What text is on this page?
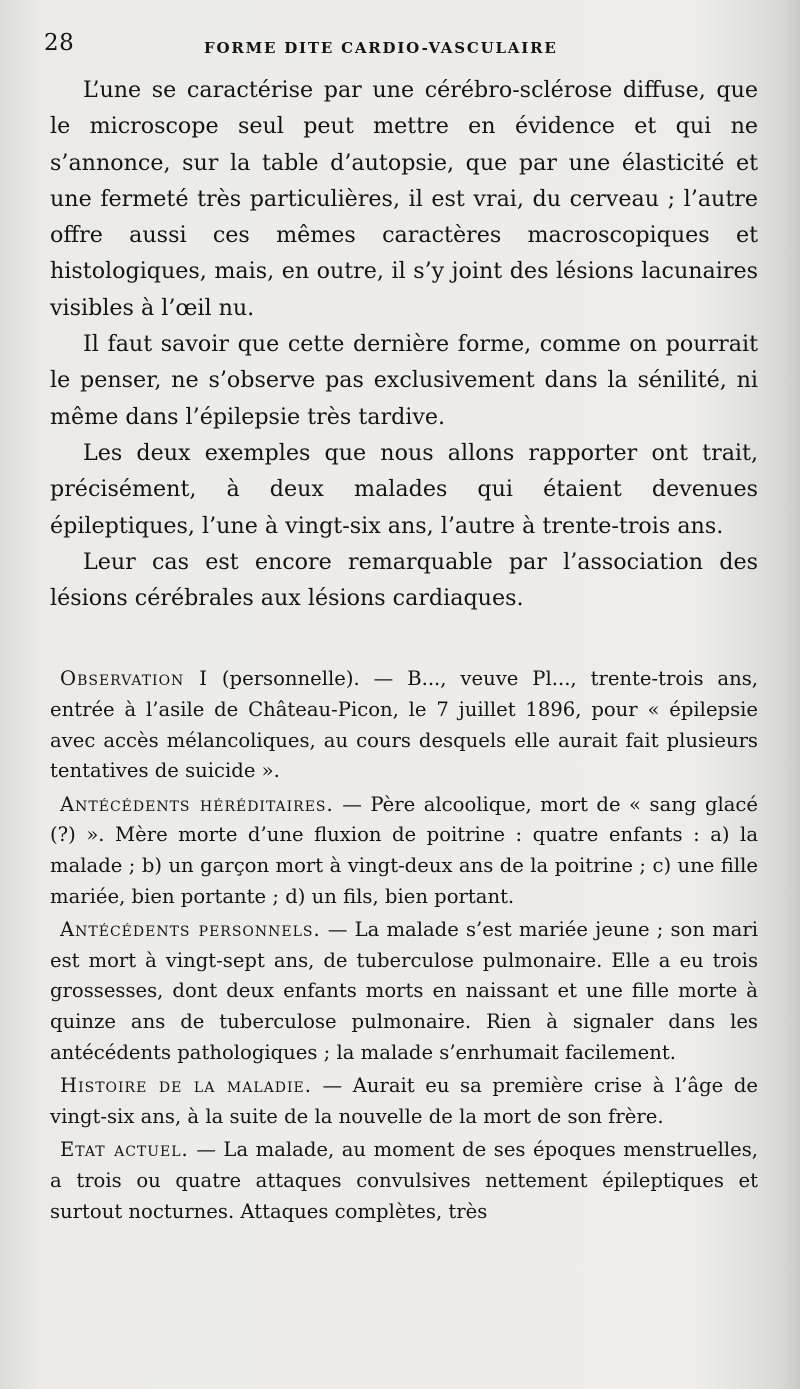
28	FORME DITE CARDIO-VASCULAIRE

L’une se caractérise par une cérébro-sclérose diffuse, que le microscope seul peut mettre en évidence et qui ne s’annonce, sur la table d’autopsie, que par une élasticité et une fermeté très particulières, il est vrai, du cerveau ; l’autre offre aussi ces mêmes caractères macroscopiques et histologiques, mais, en outre, il s’y joint des lésions lacunaires visibles à l’œil nu.

Il faut savoir que cette dernière forme, comme on pourrait le penser, ne s’observe pas exclusivement dans la sénilité, ni même dans l’épilepsie très tardive.

Les deux exemples que nous allons rapporter ont trait, précisément, à deux malades qui étaient devenues épileptiques, l’une à vingt-six ans, l’autre à trente-trois ans.

Leur cas est encore remarquable par l’association des lésions cérébrales aux lésions cardiaques.

Observation I (personnelle). — B..., veuve Pl..., trente-trois ans, entrée à l’asile de Château-Picon, le 7 juillet 1896, pour « épilepsie avec accès mélancoliques, au cours desquels elle aurait fait plusieurs tentatives de suicide ».

Antécédents héréditaires. — Père alcoolique, mort de « sang glacé (?) ». Mère morte d’une fluxion de poitrine : quatre enfants : a) la malade ; b) un garçon mort à vingt-deux ans de la poitrine ; c) une fille mariée, bien portante ; d) un fils, bien portant.

Antécédents personnels. — La malade s’est mariée jeune ; son mari est mort à vingt-sept ans, de tuberculose pulmonaire. Elle a eu trois grossesses, dont deux enfants morts en naissant et une fille morte à quinze ans de tuberculose pulmonaire. Rien à signaler dans les antécédents pathologiques ; la malade s’enrhumait facilement.

Histoire de la maladie. — Aurait eu sa première crise à l’âge de vingt-six ans, à la suite de la nouvelle de la mort de son frère.

Etat actuel. — La malade, au moment de ses époques menstruelles, a trois ou quatre attaques convulsives nettement épileptiques et surtout nocturnes. Attaques complètes, très
